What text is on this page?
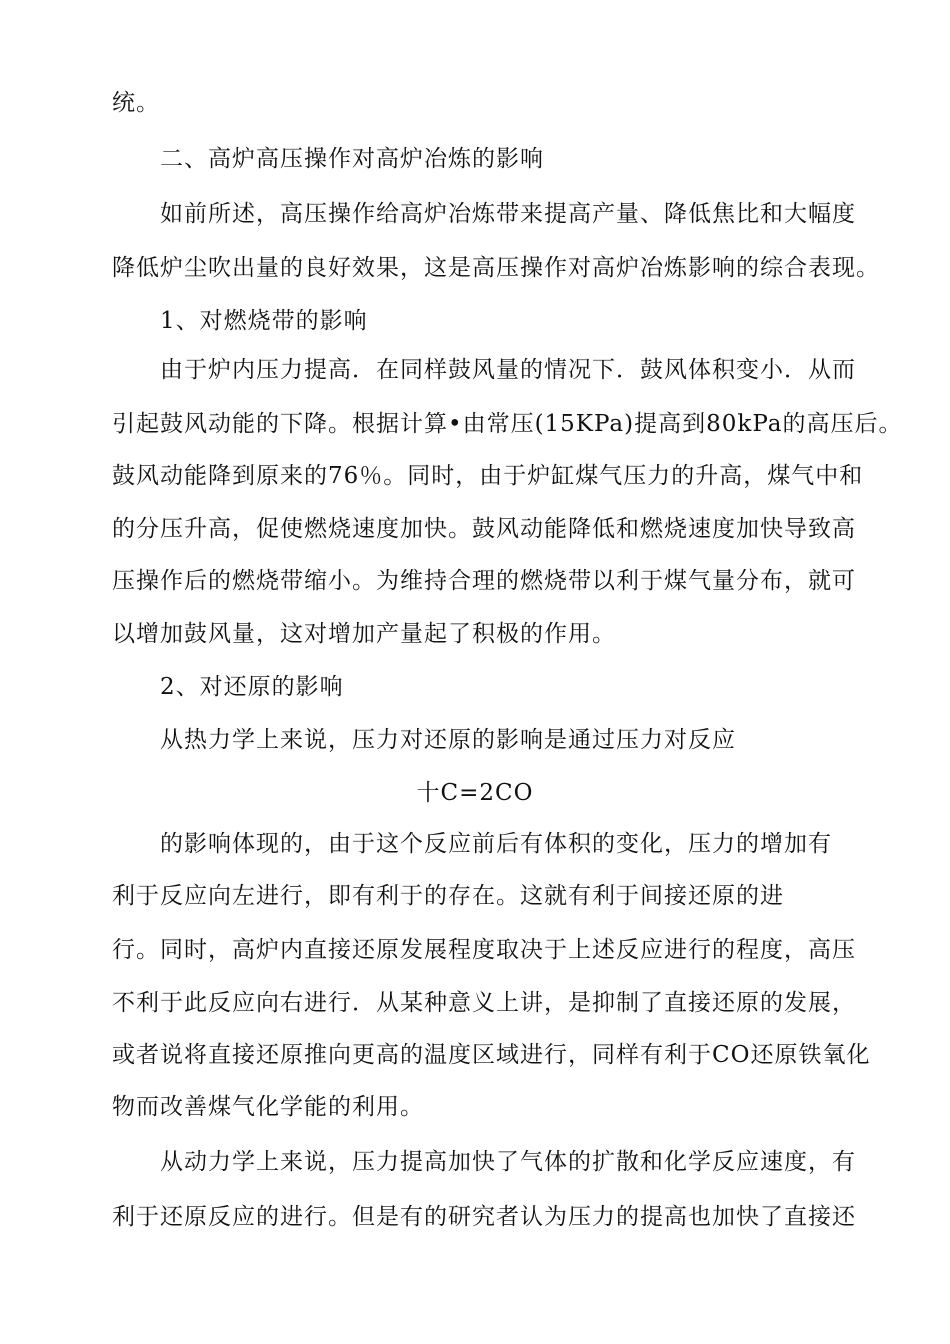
统。
二、高炉高压操作对高炉冶炼的影响
如前所述，高压操作给高炉冶炼带来提高产量、降低焦比和大幅度
降低炉尘吹出量的良好效果，这是高压操作对高炉冶炼影响的综合表现。
1、对燃烧带的影响
由于炉内压力提高．在同样鼓风量的情况下．鼓风体积变小．从而
引起鼓风动能的下降。根据计算•由常压(15KPa)提高到80kPa的高压后。
鼓风动能降到原来的76％。同时，由于炉缸煤气压力的升高，煤气中和
的分压升高，促使燃烧速度加快。鼓风动能降低和燃烧速度加快导致高
压操作后的燃烧带缩小。为维持合理的燃烧带以利于煤气量分布，就可
以增加鼓风量，这对增加产量起了积极的作用。
2、对还原的影响
从热力学上来说，压力对还原的影响是通过压力对反应
十C=2CO
的影响体现的，由于这个反应前后有体积的变化，压力的增加有
利于反应向左进行，即有利于的存在。这就有利于间接还原的进
行。同时，高炉内直接还原发展程度取决于上述反应进行的程度，高压
不利于此反应向右进行．从某种意义上讲，是抑制了直接还原的发展，
或者说将直接还原推向更高的温度区域进行，同样有利于CO还原铁氧化
物而改善煤气化学能的利用。
从动力学上来说，压力提高加快了气体的扩散和化学反应速度，有
利于还原反应的进行。但是有的研究者认为压力的提高也加快了直接还
